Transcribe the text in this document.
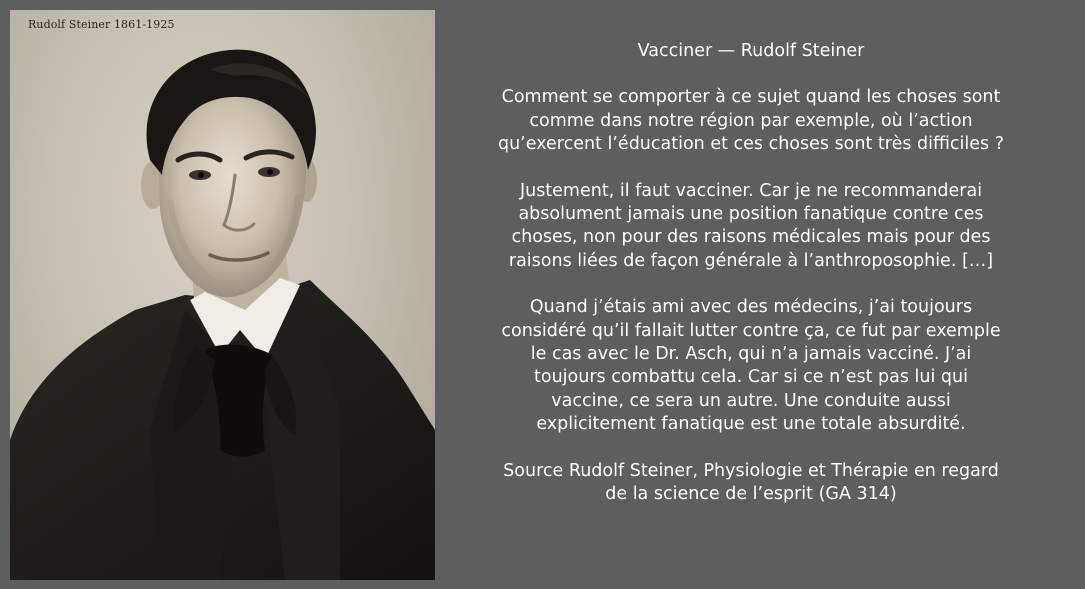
Rudolf Steiner 1861-1925

Vacciner — Rudolf Steiner

Comment se comporter à ce sujet quand les choses sont
comme dans notre région par exemple, où l’action
qu’exercent l’éducation et ces choses sont très difficiles ?

Justement, il faut vacciner. Car je ne recommanderai
absolument jamais une position fanatique contre ces
choses, non pour des raisons médicales mais pour des
raisons liées de façon générale à l’anthroposophie. […]

Quand j’étais ami avec des médecins, j’ai toujours
considéré qu’il fallait lutter contre ça, ce fut par exemple
le cas avec le Dr. Asch, qui n’a jamais vacciné. J’ai
toujours combattu cela. Car si ce n’est pas lui qui
vaccine, ce sera un autre. Une conduite aussi
explicitement fanatique est une totale absurdité.

Source Rudolf Steiner, Physiologie et Thérapie en regard
de la science de l’esprit (GA 314)
